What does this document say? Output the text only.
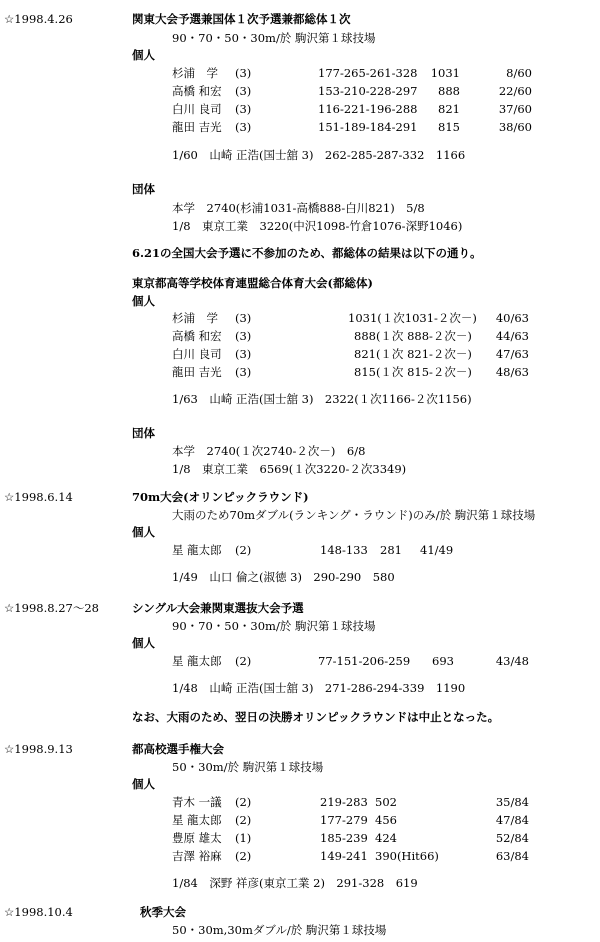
☆1998.4.26	関東大会予選兼国体１次予選兼都総体１次
90・70・50・30m/於 駒沢第１球技場
個人
杉浦　学 (3)	177-265-261-328	1031	8/60
高橋 和宏 (3)	153-210-228-297	888	22/60
白川 良司 (3)	116-221-196-288	821	37/60
龍田 吉光 (3)	151-189-184-291	815	38/60
1/60　山崎 正浩(国士舘 3)　262-285-287-332　1166
団体
本学　2740(杉浦1031-高橋888-白川821)　5/8
1/8　東京工業　3220(中沢1098-竹倉1076-深野1046)
6.21の全国大会予選に不参加のため、都総体の結果は以下の通り。
東京都高等学校体育連盟総合体育大会(都総体)
個人
杉浦　学 (3)	1031(１次1031-２次－)	40/63
高橋 和宏 (3)	888(１次 888-２次－)	44/63
白川 良司 (3)	821(１次 821-２次－)	47/63
龍田 吉光 (3)	815(１次 815-２次－)	48/63
1/63　山崎 正浩(国士舘 3)　2322(１次1166-２次1156)
団体
本学　2740(１次2740-２次－)　6/8
1/8　東京工業　6569(１次3220-２次3349)
☆1998.6.14	70m大会(オリンピックラウンド)
大雨のため70mダブル(ランキング・ラウンド)のみ/於 駒沢第１球技場
個人
星 龍太郎 (2)	148-133 281 41/49
1/49　山口 倫之(淑徳 3)　290-290　580
☆1998.8.27～28	シングル大会兼関東選抜大会予選
90・70・50・30m/於 駒沢第１球技場
個人
星 龍太郎 (2)	77-151-206-259 693	43/48
1/48　山崎 正浩(国士舘 3)　271-286-294-339　1190
なお、大雨のため、翌日の決勝オリンピックラウンドは中止となった。
☆1998.9.13	都高校選手権大会
50・30m/於 駒沢第１球技場
個人
青木 一議 (2)	219-283 502	35/84
星 龍太郎 (2)	177-279 456	47/84
豊原 雄太 (1)	185-239 424	52/84
吉澤 裕麻 (2)	149-241 390(Hit66)	63/84
1/84　深野 祥彦(東京工業 2)　291-328　619
☆1998.10.4	秋季大会
50・30m,30mダブル/於 駒沢第１球技場
